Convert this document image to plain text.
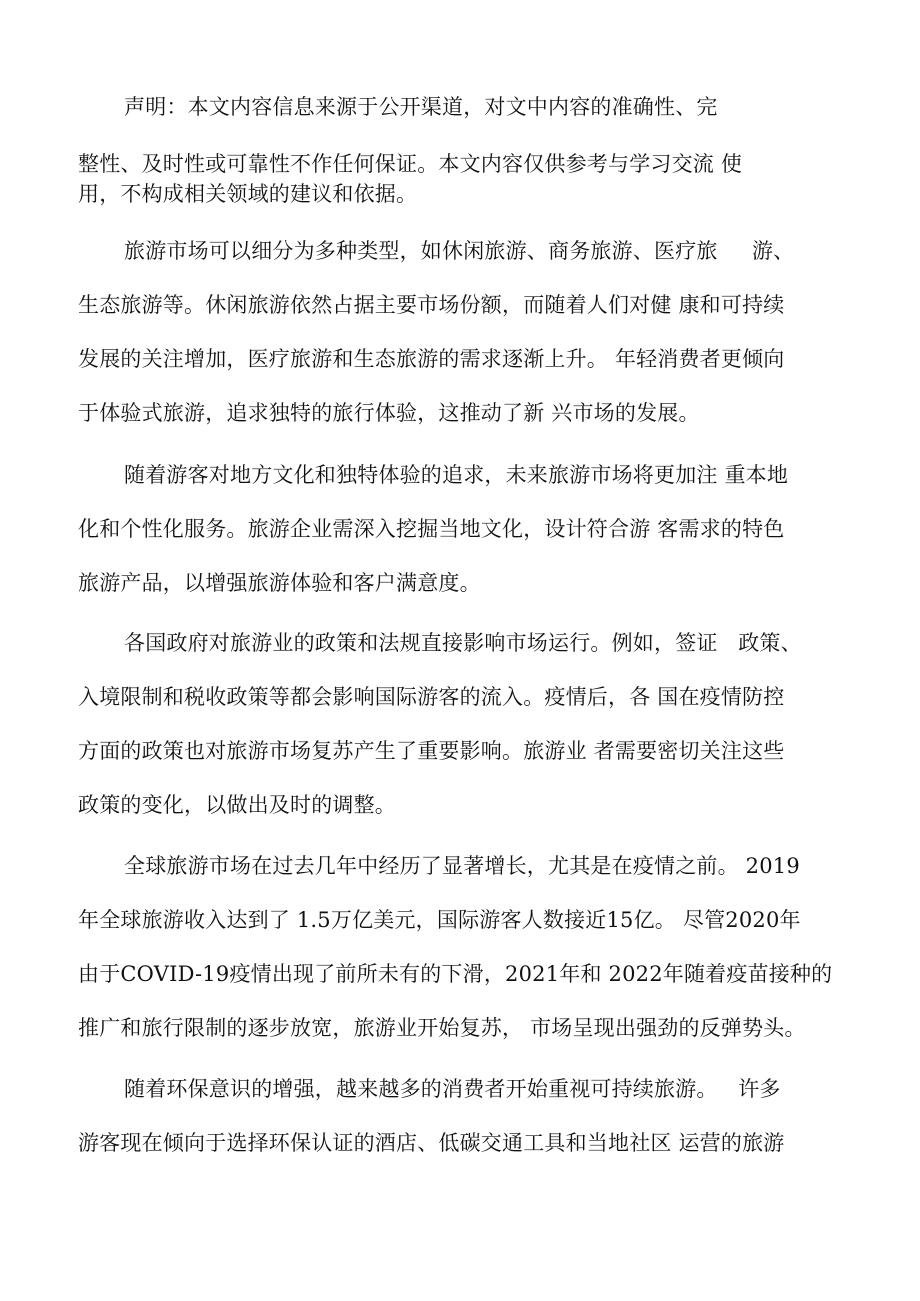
声明：本文内容信息来源于公开渠道，对文中内容的准确性、完
整性、及时性或可靠性不作任何保证。本文内容仅供参考与学习交流 使
用，不构成相关领域的建议和依据。
旅游市场可以细分为多种类型，如休闲旅游、商务旅游、医疗旅     游、
生态旅游等。休闲旅游依然占据主要市场份额，而随着人们对健 康和可持续
发展的关注增加，医疗旅游和生态旅游的需求逐渐上升。 年轻消费者更倾向
于体验式旅游，追求独特的旅行体验，这推动了新 兴市场的发展。
随着游客对地方文化和独特体验的追求，未来旅游市场将更加注 重本地
化和个性化服务。旅游企业需深入挖掘当地文化，设计符合游 客需求的特色
旅游产品，以增强旅游体验和客户满意度。
各国政府对旅游业的政策和法规直接影响市场运行。例如，签证   政策、
入境限制和税收政策等都会影响国际游客的流入。疫情后，各 国在疫情防控
方面的政策也对旅游市场复苏产生了重要影响。旅游业 者需要密切关注这些
政策的变化，以做出及时的调整。
全球旅游市场在过去几年中经历了显著增长，尤其是在疫情之前。 2019
年全球旅游收入达到了 1.5万亿美元，国际游客人数接近15亿。 尽管2020年
由于COVID-19疫情出现了前所未有的下滑，2021年和 2022年随着疫苗接种的
推广和旅行限制的逐步放宽，旅游业开始复苏， 市场呈现出强劲的反弹势头。
随着环保意识的增强，越来越多的消费者开始重视可持续旅游。   许多
游客现在倾向于选择环保认证的酒店、低碳交通工具和当地社区 运营的旅游
